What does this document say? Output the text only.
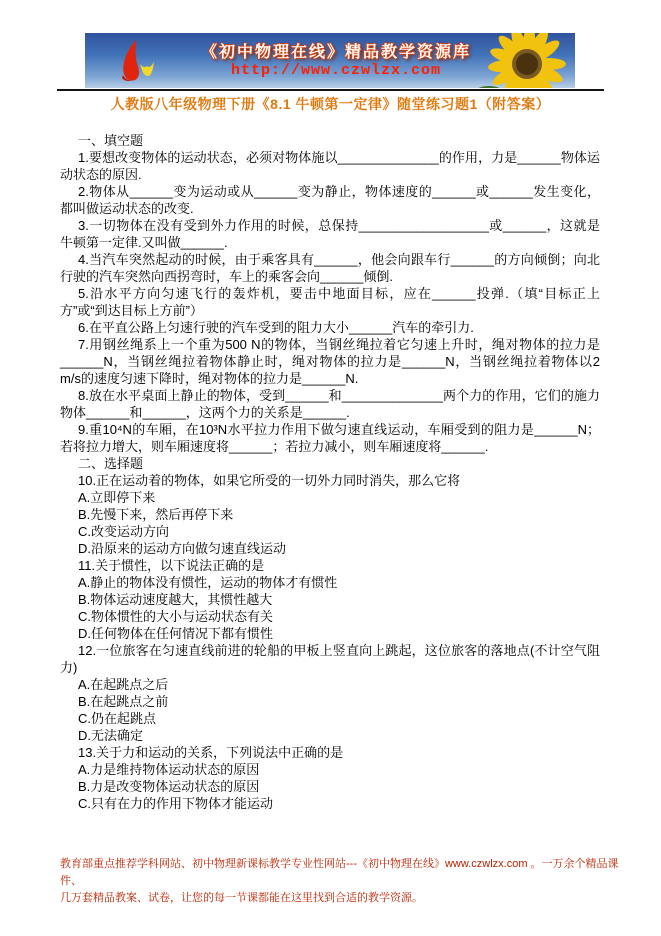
《初中物理在线》精品教学资源库
http://www.czwlzx.com
人教版八年级物理下册《8.1 牛顿第一定律》随堂练习题1（附答案）

一、填空题

1.要想改变物体的运动状态，必须对物体施以______________的作用，力是______物体运动状态的原因.

2.物体从______变为运动或从______变为静止，物体速度的______或______发生变化，都叫做运动状态的改变.

3.一切物体在没有受到外力作用的时候，总保持__________________或______，这就是牛顿第一定律.又叫做______.

4.当汽车突然起动的时候，由于乘客具有______，他会向跟车行______的方向倾倒；向北行驶的汽车突然向西拐弯时，车上的乘客会向______倾倒.

5.沿水平方向匀速飞行的轰炸机，要击中地面目标，应在______投弹.（填“目标正上方”或“到达目标上方前”）

6.在平直公路上匀速行驶的汽车受到的阻力大小______汽车的牵引力.

7.用钢丝绳系上一个重为500 N的物体，当钢丝绳拉着它匀速上升时，绳对物体的拉力是______N，当钢丝绳拉着物体静止时，绳对物体的拉力是______N，当钢丝绳拉着物体以2 m/s的速度匀速下降时，绳对物体的拉力是______N.

8.放在水平桌面上静止的物体，受到______和______________两个力的作用，它们的施力物体______和______，这两个力的关系是______.

9.重10⁴N的车厢，在10³N水平拉力作用下做匀速直线运动，车厢受到的阻力是______N；若将拉力增大，则车厢速度将______；若拉力减小，则车厢速度将______.

二、选择题

10.正在运动着的物体，如果它所受的一切外力同时消失，那么它将

A.立即停下来

B.先慢下来，然后再停下来

C.改变运动方向

D.沿原来的运动方向做匀速直线运动

11.关于惯性，以下说法正确的是

A.静止的物体没有惯性，运动的物体才有惯性

B.物体运动速度越大，其惯性越大

C.物体惯性的大小与运动状态有关

D.任何物体在任何情况下都有惯性

12.一位旅客在匀速直线前进的轮船的甲板上竖直向上跳起，这位旅客的落地点(不计空气阻力)

A.在起跳点之后

B.在起跳点之前

C.仍在起跳点

D.无法确定

13.关于力和运动的关系，下列说法中正确的是

A.力是维持物体运动状态的原因

B.力是改变物体运动状态的原因

C.只有在力的作用下物体才能运动

教育部重点推荐学科网站、初中物理新课标教学专业性网站---《初中物理在线》www.czwlzx.com 。一万余个精品课件、
几万套精品教案、试卷，让您的每一节课都能在这里找到合适的教学资源。
